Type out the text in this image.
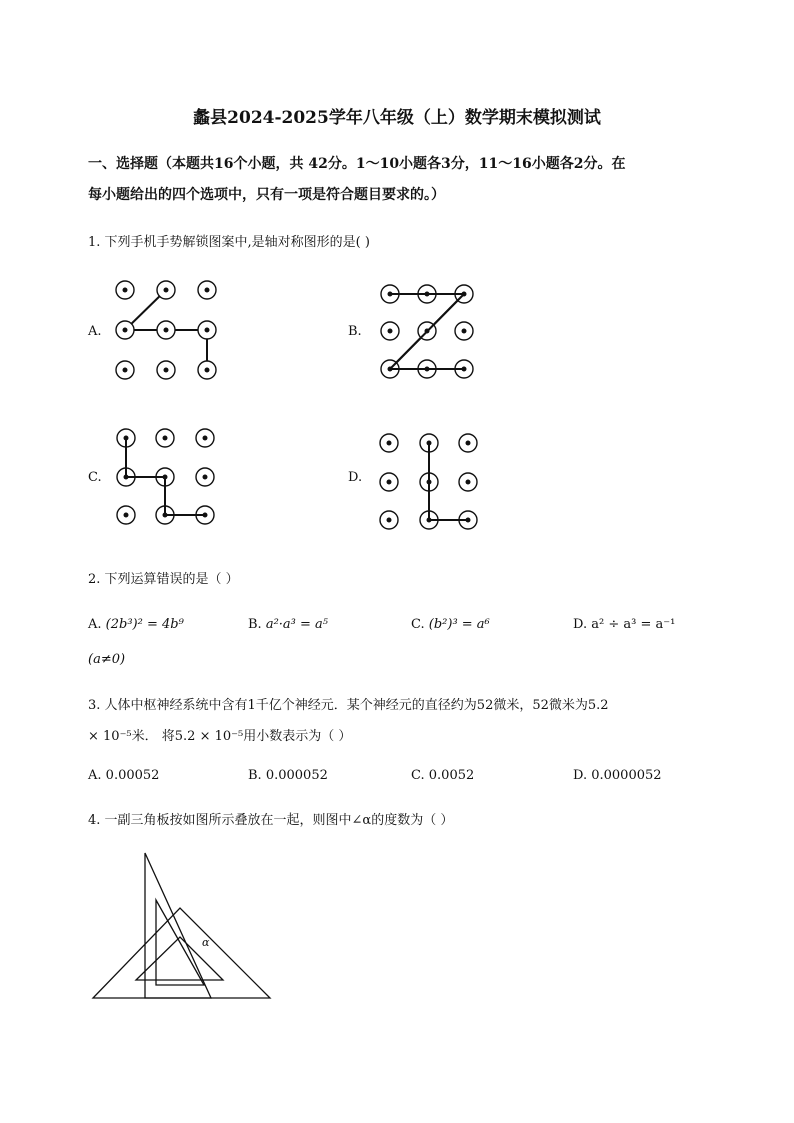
蠡县2024-2025学年八年级（上）数学期末模拟测试
一、选择题（本题共16个小题，共 42分。1～10小题各3分，11～16小题各2分。在
每小题给出的四个选项中，只有一项是符合题目要求的。）
1. 下列手机手势解锁图案中,是轴对称图形的是( )
A.	B.
C.	D.
2. 下列运算错误的是（ ）
A. (2b³)² = 4b⁹	B. a²·a³ = a⁵	C. (b²)³ = a⁶	D. a² ÷ a³ = a⁻¹
(a≠0)
3. 人体中枢神经系统中含有1千亿个神经元．某个神经元的直径约为52微米，52微米为5.2
× 10⁻⁵米． 将5.2 × 10⁻⁵用小数表示为（ ）
A. 0.00052	B. 0.000052	C. 0.0052	D. 0.0000052
4. 一副三角板按如图所示叠放在一起，则图中∠α的度数为（ ）
α
